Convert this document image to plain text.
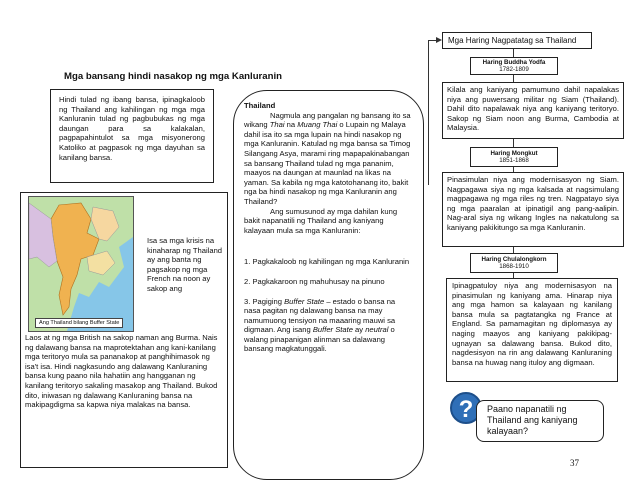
Mga bansang hindi nasakop ng mga Kanluranin

Hindi tulad ng ibang bansa, ipinagkaloob ng Thailand ang kahilingan ng mga mga Kanluranin tulad ng pagbubukas ng mga daungan para sa kalakalan, pagpapahintulot sa mga misyonerong Katoliko at pagpasok ng mga dayuhan sa kanilang bansa.

Ang Thailand bilang Buffer State
Isa sa mga krisis na kinaharap ng Thailand ay ang banta ng pagsakop ng mga French na noon ay sakop ang
Laos at ng mga British na sakop naman ang Burma. Nais ng dalawang bansa na maprotektahan ang kani-kanilang mga teritoryo mula sa pananakop at panghihimasok ng isa't isa. Hindi nagkasundo ang dalawang Kanluraning bansa kung paano nila hahatiin ang hangganan ng kanilang teritoryo sakaling masakop ang Thailand. Bukod dito, iniwasan ng dalawang Kanluraning bansa na makipagdigma sa kapwa niya malakas na bansa.

Thailand

Nagmula ang pangalan ng bansang ito sa wikang Thai na Muang Thai o Lupain ng Malaya dahil isa ito sa mga lupain na hindi nasakop ng mga Kanluranin. Katulad ng mga bansa sa Timog Silangang Asya, marami ring mapapakinabangan sa bansang Thailand tulad ng mga pananim, maayos na daungan at maunlad na likas na yaman. Sa kabila ng mga katotohanang ito, bakit nga ba hindi nasakop ng mga Kanluranin ang Thailand?

Ang sumusunod ay mga dahilan kung bakit napanatili ng Thailand ang kaniyang kalayaan mula sa mga Kanluranin:

1. Pagkakaloob ng kahilingan ng mga Kanluranin

2. Pagkakaroon ng mahuhusay na pinuno

3. Pagiging Buffer State – estado o bansa na nasa pagitan ng dalawang bansa na may namumuong tensiyon na maaaring mauwi sa digmaan. Ang isang Buffer State ay neutral o walang pinapanigan alinman sa dalawang bansang magkatunggali.

Mga Haring Nagpatatag sa Thailand

Haring Buddha Yodfa

1782-1809

Kilala ang kaniyang pamumuno dahil napalakas niya ang puwersang militar ng Siam (Thailand). Dahil dito napalawak niya ang kaniyang teritoryo. Sakop ng Siam noon ang Burma, Cambodia at Malaysia.

Haring Mongkut

1851-1868

Pinasimulan niya ang modernisasyon ng Siam. Nagpagawa siya ng mga kalsada at nagsimulang magpagawa ng mga riles ng tren. Nagpatayo siya ng mga paaralan at ipinatigil ang pang-aalipin. Nag-aral siya ng wikang Ingles na nakatulong sa kaniyang pakikitungo sa mga Kanluranin.

Haring Chulalongkorn

1868-1910

Ipinagpatuloy niya ang modernisasyon na pinasimulan ng kaniyang ama. Hinarap niya ang mga hamon sa kalayaan ng kanilang bansa mula sa pagtatangka ng France at England. Sa pamamagitan ng diplomasya ay naging maayos ang kaniyang pakikipag-ugnayan sa dalawang bansa. Bukod dito, nagdesisyon na rin ang dalawang Kanluraning bansa na huwag nang ituloy ang digmaan.

?	Paano napanatili ng Thailand ang kaniyang kalayaan?
37
